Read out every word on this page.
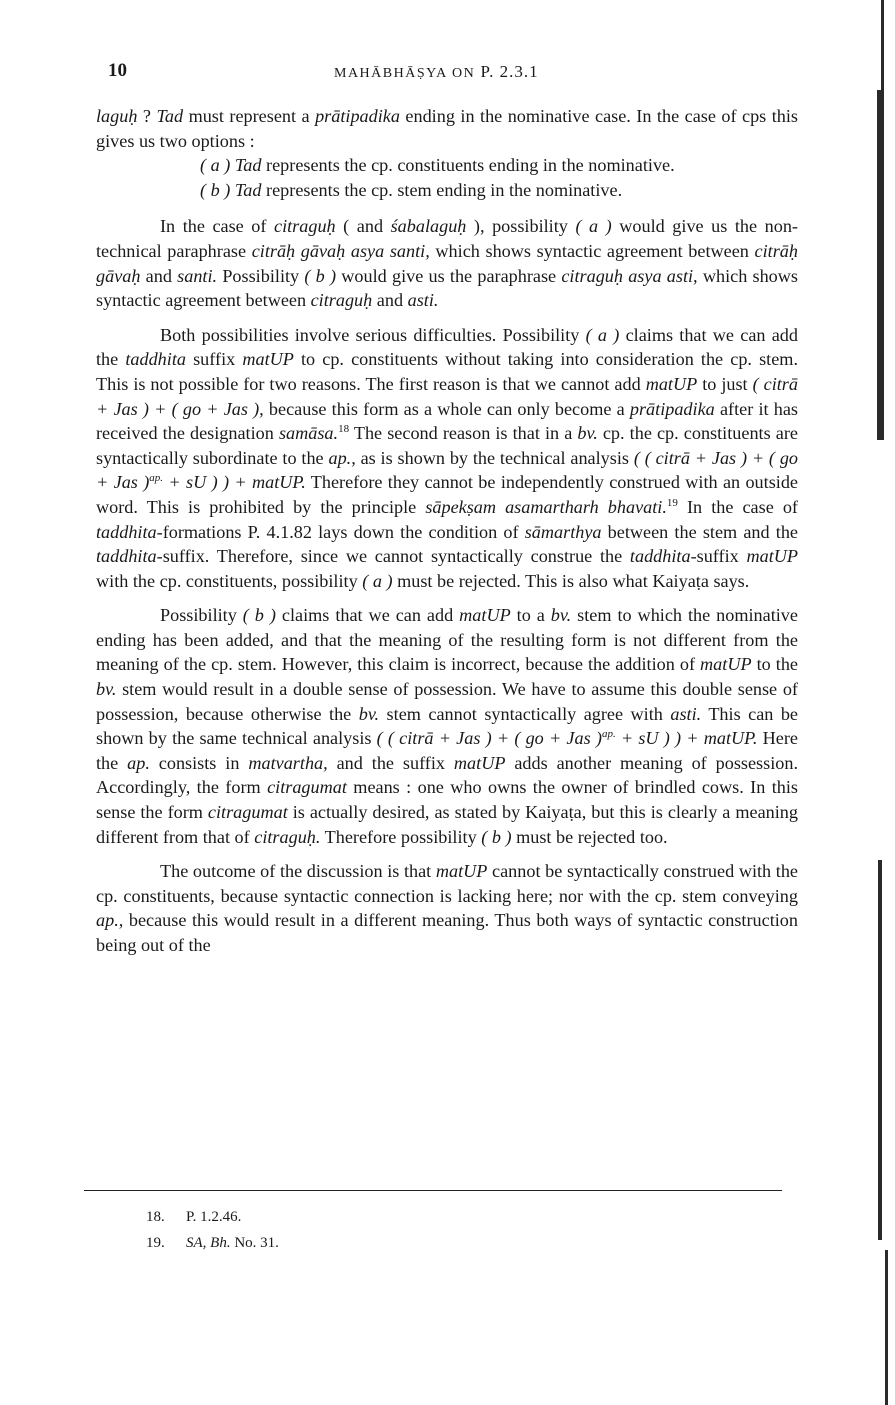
10	MAHĀBHĀṢYA ON P. 2.3.1

laguḥ ? Tad must represent a prātipadika ending in the nominative case. In the case of cps this gives us two options :

( a ) Tad represents the cp. constituents ending in the nominative.
( b ) Tad represents the cp. stem ending in the nominative.

In the case of citraguḥ ( and śabalaguḥ ), possibility ( a ) would give us the non-technical paraphrase citrāḥ gāvaḥ asya santi, which shows syntactic agreement between citrāḥ gāvaḥ and santi. Possibility ( b ) would give us the paraphrase citraguḥ asya asti, which shows syntactic agreement between citraguḥ and asti.

Both possibilities involve serious difficulties. Possibility ( a ) claims that we can add the taddhita suffix matUP to cp. constituents without taking into consideration the cp. stem. This is not possible for two reasons. The first reason is that we cannot add matUP to just ( citrā + Jas ) + ( go + Jas ), because this form as a whole can only become a prātipadika after it has received the designation samāsa.$^{18}$ The second reason is that in a bv. cp. the cp. constituents are syntactically subordinate to the ap., as is shown by the technical analysis ( ( citrā + Jas ) + ( go + Jas )$^{ap.}$ + sU ) ) + matUP. Therefore they cannot be independently construed with an outside word. This is prohibited by the principle sāpekṣam asamartharh bhavati.$^{19}$ In the case of taddhita-formations P. 4.1.82 lays down the condition of sāmarthya between the stem and the taddhita-suffix. Therefore, since we cannot syntactically construe the taddhita-suffix matUP with the cp. constituents, possibility ( a ) must be rejected. This is also what Kaiyaṭa says.

Possibility ( b ) claims that we can add matUP to a bv. stem to which the nominative ending has been added, and that the meaning of the resulting form is not different from the meaning of the cp. stem. However, this claim is incorrect, because the addition of matUP to the bv. stem would result in a double sense of possession. We have to assume this double sense of possession, because otherwise the bv. stem cannot syntactically agree with asti. This can be shown by the same technical analysis ( ( citrā + Jas ) + ( go + Jas )$^{ap.}$ + sU ) ) + matUP. Here the ap. consists in matvartha, and the suffix matUP adds another meaning of possession. Accordingly, the form citragumat means : one who owns the owner of brindled cows. In this sense the form citragumat is actually desired, as stated by Kaiyaṭa, but this is clearly a meaning different from that of citraguḥ. Therefore possibility ( b ) must be rejected too.

The outcome of the discussion is that matUP cannot be syntactically construed with the cp. constituents, because syntactic connection is lacking here; nor with the cp. stem conveying ap., because this would result in a different meaning. Thus both ways of syntactic construction being out of the

18. P. 1.2.46.
19. SA, Bh. No. 31.
